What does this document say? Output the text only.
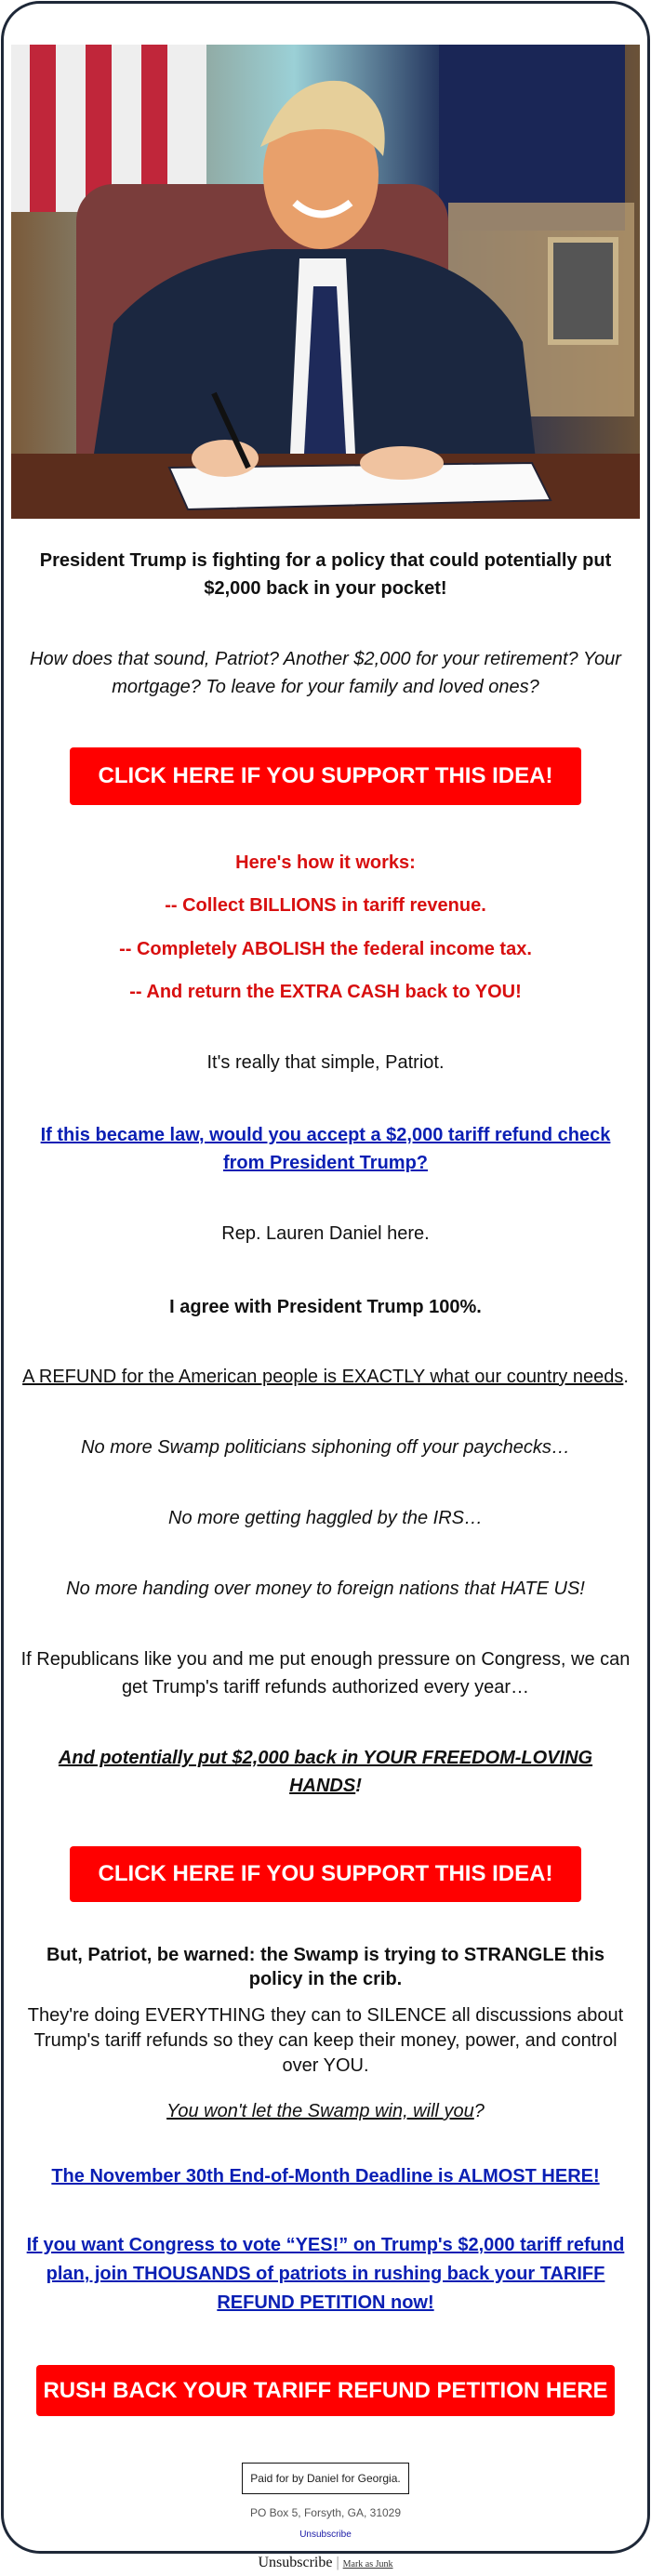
President Trump is fighting for a policy that could potentially put $2,000 back in your pocket!

How does that sound, Patriot? Another $2,000 for your retirement? Your mortgage? To leave for your family and loved ones?

CLICK HERE IF YOU SUPPORT THIS IDEA!

Here's how it works:

-- Collect BILLIONS in tariff revenue.

-- Completely ABOLISH the federal income tax.

-- And return the EXTRA CASH back to YOU!

It's really that simple, Patriot.

If this became law, would you accept a $2,000 tariff refund check from President Trump?

Rep. Lauren Daniel here.

I agree with President Trump 100%.

A REFUND for the American people is EXACTLY what our country needs.

No more Swamp politicians siphoning off your paychecks…

No more getting haggled by the IRS…

No more handing over money to foreign nations that HATE US!

If Republicans like you and me put enough pressure on Congress, we can get Trump's tariff refunds authorized every year…

And potentially put $2,000 back in YOUR FREEDOM-LOVING HANDS!

CLICK HERE IF YOU SUPPORT THIS IDEA!

But, Patriot, be warned: the Swamp is trying to STRANGLE this policy in the crib.

They're doing EVERYTHING they can to SILENCE all discussions about Trump's tariff refunds so they can keep their money, power, and control over YOU.

You won't let the Swamp win, will you?

The November 30th End-of-Month Deadline is ALMOST HERE!

If you want Congress to vote “YES!” on Trump's $2,000 tariff refund plan, join THOUSANDS of patriots in rushing back your TARIFF REFUND PETITION now!

RUSH BACK YOUR TARIFF REFUND PETITION HERE
Paid for by Daniel for Georgia.
PO Box 5, Forsyth, GA, 31029
Unsubscribe
Unsubscribe | Mark as Junk
